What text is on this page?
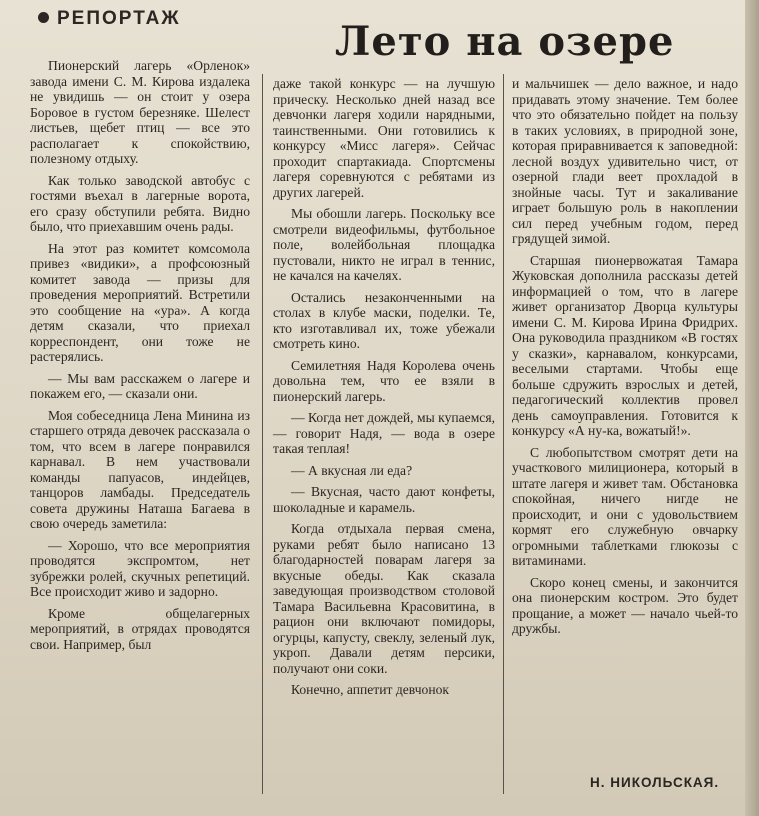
РЕПОРТАЖ	Лето на озере

Пионерский лагерь «Орленок» завода имени С. М. Кирова издалека не увидишь — он стоит у озера Боровое в густом березняке. Шелест листьев, щебет птиц — все это располагает к спокойствию, полезному отдыху.

Как только заводской автобус с гостями въехал в лагерные ворота, его сразу обступили ребята. Видно было, что приехавшим очень рады.

На этот раз комитет комсомола привез «видики», а профсоюзный комитет завода — призы для проведения мероприятий. Встретили это сообщение на «ура». А когда детям сказали, что приехал корреспондент, они тоже не растерялись.

— Мы вам расскажем о лагере и покажем его, — сказали они.

Моя собеседница Лена Минина из старшего отряда девочек рассказала о том, что всем в лагере понравился карнавал. В нем участвовали команды папуасов, индейцев, танцоров ламбады. Председатель совета дружины Наташа Багаева в свою очередь заметила:

— Хорошо, что все мероприятия проводятся экспромтом, нет зубрежки ролей, скучных репетиций. Все происходит живо и задорно.

Кроме общелагерных мероприятий, в отрядах проводятся свои. Например, был

даже такой конкурс — на лучшую прическу. Несколько дней назад все девчонки лагеря ходили нарядными, таинственными. Они готовились к конкурсу «Мисс лагеря». Сейчас проходит спартакиада. Спортсмены лагеря соревнуются с ребятами из других лагерей.

Мы обошли лагерь. Поскольку все смотрели видеофильмы, футбольное поле, волейбольная площадка пустовали, никто не играл в теннис, не качался на качелях.

Остались незаконченными на столах в клубе маски, поделки. Те, кто изготавливал их, тоже убежали смотреть кино.

Семилетняя Надя Королева очень довольна тем, что ее взяли в пионерский лагерь.

— Когда нет дождей, мы купаемся, — говорит Надя, — вода в озере такая теплая!

— А вкусная ли еда?

— Вкусная, часто дают конфеты, шоколадные и карамель.

Когда отдыхала первая смена, руками ребят было написано 13 благодарностей поварам лагеря за вкусные обеды. Как сказала заведующая производством столовой Тамара Васильевна Красовитина, в рацион они включают помидоры, огурцы, капусту, свеклу, зеленый лук, укроп. Давали детям персики, получают они соки.

Конечно, аппетит девчонок

и мальчишек — дело важное, и надо придавать этому значение. Тем более что это обязательно пойдет на пользу в таких условиях, в природной зоне, которая приравнивается к заповедной: лесной воздух удивительно чист, от озерной глади веет прохладой в знойные часы. Тут и закаливание играет большую роль в накоплении сил перед учебным годом, перед грядущей зимой.

Старшая пионервожатая Тамара Жуковская дополнила рассказы детей информацией о том, что в лагере живет организатор Дворца культуры имени С. М. Кирова Ирина Фридрих. Она руководила праздником «В гостях у сказки», карнавалом, конкурсами, веселыми стартами. Чтобы еще больше сдружить взрослых и детей, педагогический коллектив провел день самоуправления. Готовится к конкурсу «А ну-ка, вожатый!».

С любопытством смотрят дети на участкового милиционера, который в штате лагеря и живет там. Обстановка спокойная, ничего нигде не происходит, и они с удовольствием кормят его служебную овчарку огромными таблетками глюкозы с витаминами.

Скоро конец смены, и закончится она пионерским костром. Это будет прощание, а может — начало чьей-то дружбы.

Н. НИКОЛЬСКАЯ.
